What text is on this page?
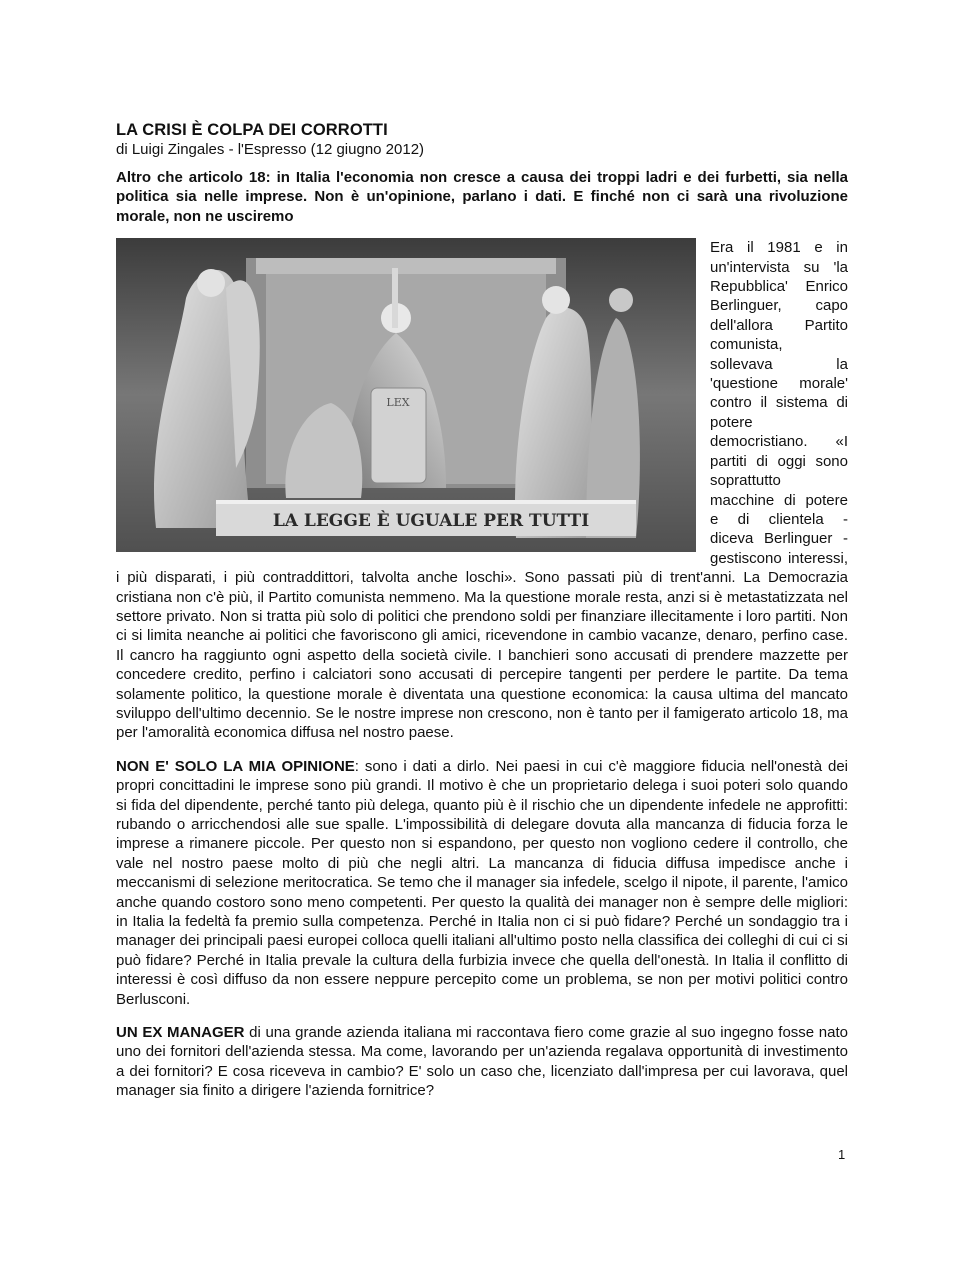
LA CRISI È COLPA DEI CORROTTI

di Luigi Zingales - l'Espresso (12 giugno 2012)

Altro che articolo 18: in Italia l'economia non cresce a causa dei troppi ladri e dei furbetti, sia nella politica sia nelle imprese. Non è un'opinione, parlano i dati. E finché non ci sarà una rivoluzione morale, non ne usciremo

LEX
LA LEGGE È UGUALE PER TUTTI

Era il 1981 e in un'intervista su 'la Repubblica' Enrico Berlinguer, capo dell'allora Partito comunista, sollevava la 'questione morale' contro il sistema di potere democristiano. «I partiti di oggi sono soprattutto macchine di potere e di clientela - diceva Berlinguer - gestiscono interessi, i più disparati, i più contraddittori, talvolta anche loschi». Sono passati più di trent'anni. La Democrazia cristiana non c'è più, il Partito comunista nemmeno. Ma la questione morale resta, anzi si è metastatizzata nel settore privato. Non si tratta più solo di politici che prendono soldi per finanziare illecitamente i loro partiti. Non ci si limita neanche ai politici che favoriscono gli amici, ricevendone in cambio vacanze, denaro, perfino case. Il cancro ha raggiunto ogni aspetto della società civile. I banchieri sono accusati di prendere mazzette per concedere credito, perfino i calciatori sono accusati di percepire tangenti per perdere le partite. Da tema solamente politico, la questione morale è diventata una questione economica: la causa ultima del mancato sviluppo dell'ultimo decennio. Se le nostre imprese non crescono, non è tanto per il famigerato articolo 18, ma per l'amoralità economica diffusa nel nostro paese.

NON E' SOLO LA MIA OPINIONE: sono i dati a dirlo. Nei paesi in cui c'è maggiore fiducia nell'onestà dei propri concittadini le imprese sono più grandi. Il motivo è che un proprietario delega i suoi poteri solo quando si fida del dipendente, perché tanto più delega, quanto più è il rischio che un dipendente infedele ne approfitti: rubando o arricchendosi alle sue spalle. L'impossibilità di delegare dovuta alla mancanza di fiducia forza le imprese a rimanere piccole. Per questo non si espandono, per questo non vogliono cedere il controllo, che vale nel nostro paese molto di più che negli altri. La mancanza di fiducia diffusa impedisce anche i meccanismi di selezione meritocratica. Se temo che il manager sia infedele, scelgo il nipote, il parente, l'amico anche quando costoro sono meno competenti. Per questo la qualità dei manager non è sempre delle migliori: in Italia la fedeltà fa premio sulla competenza. Perché in Italia non ci si può fidare? Perché un sondaggio tra i manager dei principali paesi europei colloca quelli italiani all'ultimo posto nella classifica dei colleghi di cui ci si può fidare? Perché in Italia prevale la cultura della furbizia invece che quella dell'onestà. In Italia il conflitto di interessi è così diffuso da non essere neppure percepito come un problema, se non per motivi politici contro Berlusconi.

UN EX MANAGER di una grande azienda italiana mi raccontava fiero come grazie al suo ingegno fosse nato uno dei fornitori dell'azienda stessa. Ma come, lavorando per un'azienda regalava opportunità di investimento a dei fornitori? E cosa riceveva in cambio? E' solo un caso che, licenziato dall'impresa per cui lavorava, quel manager sia finito a dirigere l'azienda fornitrice?

1
